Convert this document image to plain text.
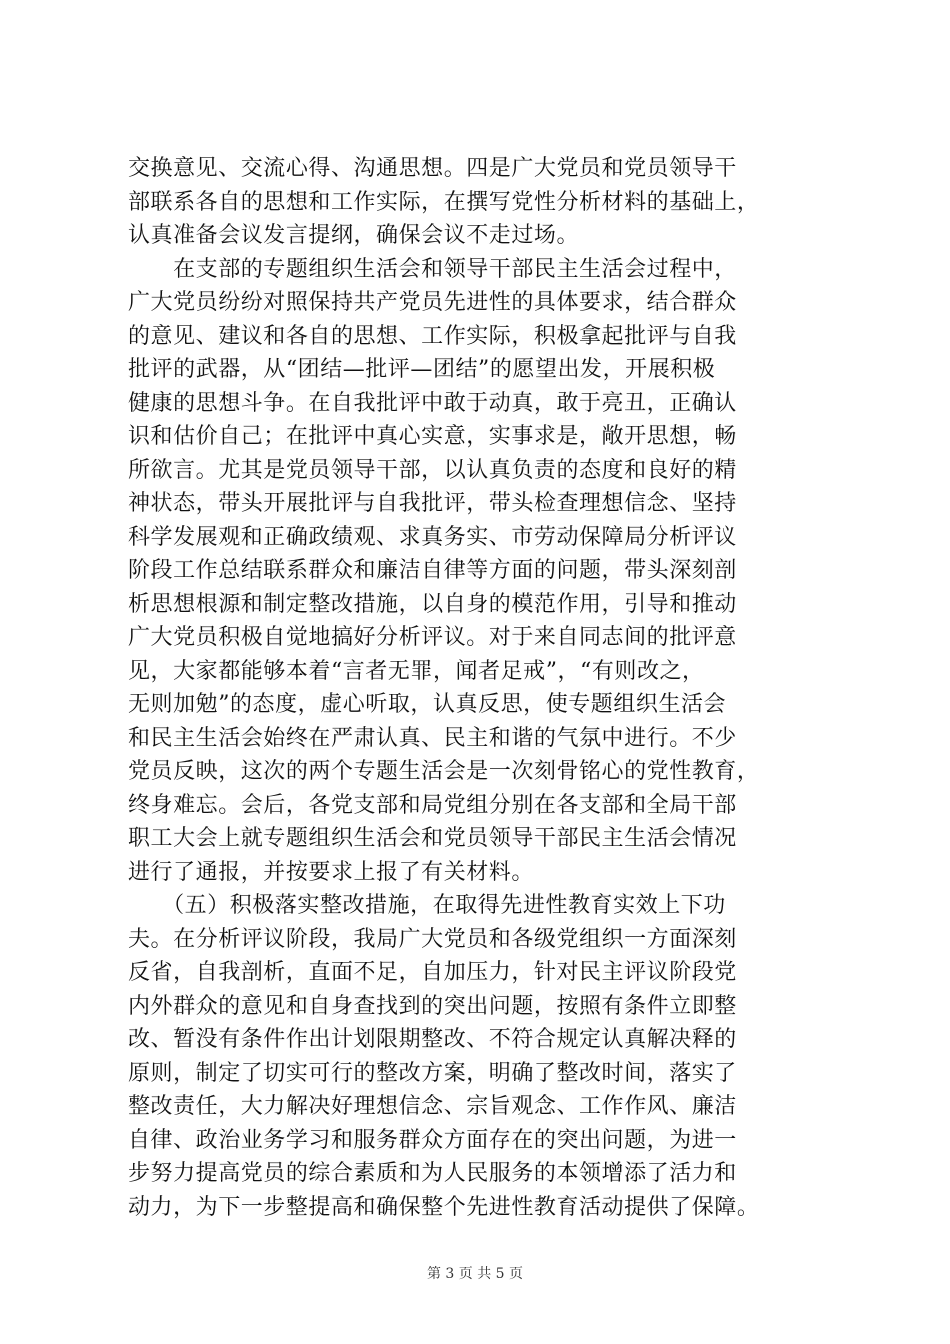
交换意见、交流心得、沟通思想。四是广大党员和党员领导干
部联系各自的思想和工作实际，在撰写党性分析材料的基础上，
认真准备会议发言提纲，确保会议不走过场。
　　在支部的专题组织生活会和领导干部民主生活会过程中，
广大党员纷纷对照保持共产党员先进性的具体要求，结合群众
的意见、建议和各自的思想、工作实际，积极拿起批评与自我
批评的武器，从“团结—批评—团结”的愿望出发，开展积极
健康的思想斗争。在自我批评中敢于动真，敢于亮丑，正确认
识和估价自己；在批评中真心实意，实事求是，敞开思想，畅
所欲言。尤其是党员领导干部，以认真负责的态度和良好的精
神状态，带头开展批评与自我批评，带头检查理想信念、坚持
科学发展观和正确政绩观、求真务实、市劳动保障局分析评议
阶段工作总结联系群众和廉洁自律等方面的问题，带头深刻剖
析思想根源和制定整改措施，以自身的模范作用，引导和推动
广大党员积极自觉地搞好分析评议。对于来自同志间的批评意
见，大家都能够本着“言者无罪，闻者足戒”，“有则改之，
无则加勉”的态度，虚心听取，认真反思，使专题组织生活会
和民主生活会始终在严肃认真、民主和谐的气氛中进行。不少
党员反映，这次的两个专题生活会是一次刻骨铭心的党性教育，
终身难忘。会后，各党支部和局党组分别在各支部和全局干部
职工大会上就专题组织生活会和党员领导干部民主生活会情况
进行了通报，并按要求上报了有关材料。
　　（五）积极落实整改措施，在取得先进性教育实效上下功
夫。在分析评议阶段，我局广大党员和各级党组织一方面深刻
反省，自我剖析，直面不足，自加压力，针对民主评议阶段党
内外群众的意见和自身查找到的突出问题，按照有条件立即整
改、暂没有条件作出计划限期整改、不符合规定认真解决释的
原则，制定了切实可行的整改方案，明确了整改时间，落实了
整改责任，大力解决好理想信念、宗旨观念、工作作风、廉洁
自律、政治业务学习和服务群众方面存在的突出问题，为进一
步努力提高党员的综合素质和为人民服务的本领增添了活力和
动力，为下一步整提高和确保整个先进性教育活动提供了保障。
第 3 页 共 5 页
